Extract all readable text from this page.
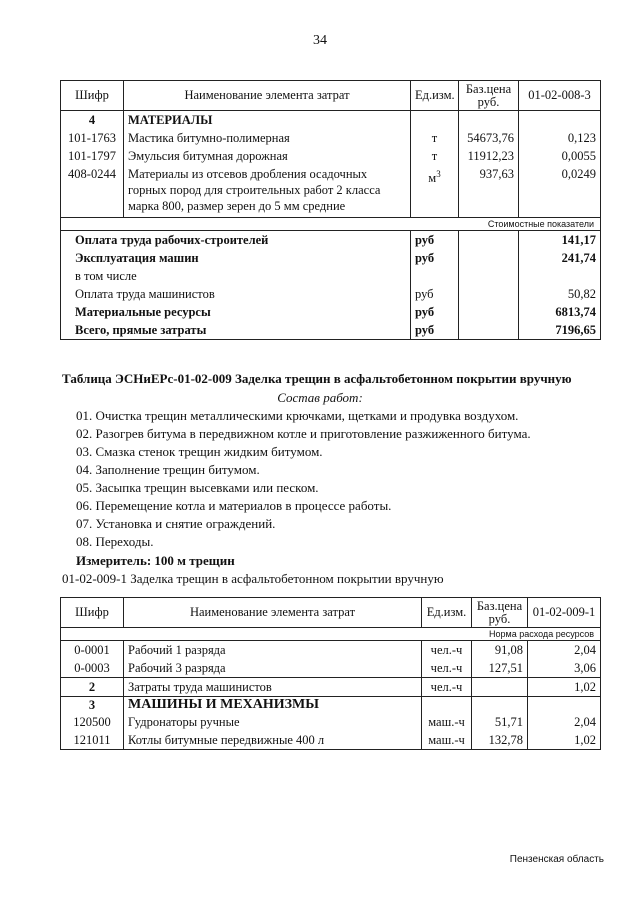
34
Шифр	Наименование элемента затрат	Ед.изм.	Баз.цена руб.	01-02-008-3
4	МАТЕРИАЛЫ			
101-1763	Мастика битумно-полимерная	т	54673,76	0,123
101-1797	Эмульсия битумная дорожная	т	11912,23	0,0055
408-0244	Материалы из отсевов дробления осадочных
горных пород для строительных работ 2 класса
марка 800, размер зерен до 5 мм средние	$м^3$	937,63	0,0249
Стоимостные показатели				
Оплата труда рабочих-строителей		руб		141,17
Эксплуатация машин		руб		241,74
в том числе				
Оплата труда машинистов		руб		50,82
Материальные ресурсы		руб		6813,74
Всего, прямые затраты		руб		7196,65
Таблица ЭСНиЕРс-01-02-009 Заделка трещин в асфальтобетонном покрытии вручную
Состав работ:
01. Очистка трещин металлическими крючками, щетками и продувка воздухом.
02. Разогрев битума в передвижном котле и приготовление разжиженного битума.
03. Смазка стенок трещин жидким битумом.
04. Заполнение трещин битумом.
05. Засыпка трещин высевками или песком.
06. Перемещение котла и материалов в процессе работы.
07. Установка и снятие ограждений.
08. Переходы.
Измеритель: 100 м трещин
01-02-009-1 Заделка трещин в асфальтобетонном покрытии вручную
Шифр	Наименование элемента затрат	Ед.изм.	Баз.цена руб.	01-02-009-1
Норма расхода ресурсов				
0-0001	Рабочий 1 разряда	чел.-ч	91,08	2,04
0-0003	Рабочий 3 разряда	чел.-ч	127,51	3,06
2	Затраты труда машинистов	чел.-ч		1,02
3	МАШИНЫ И МЕХАНИЗМЫ			
120500	Гудронаторы ручные	маш.-ч	51,71	2,04
121011	Котлы битумные передвижные 400 л	маш.-ч	132,78	1,02
Пензенская область
